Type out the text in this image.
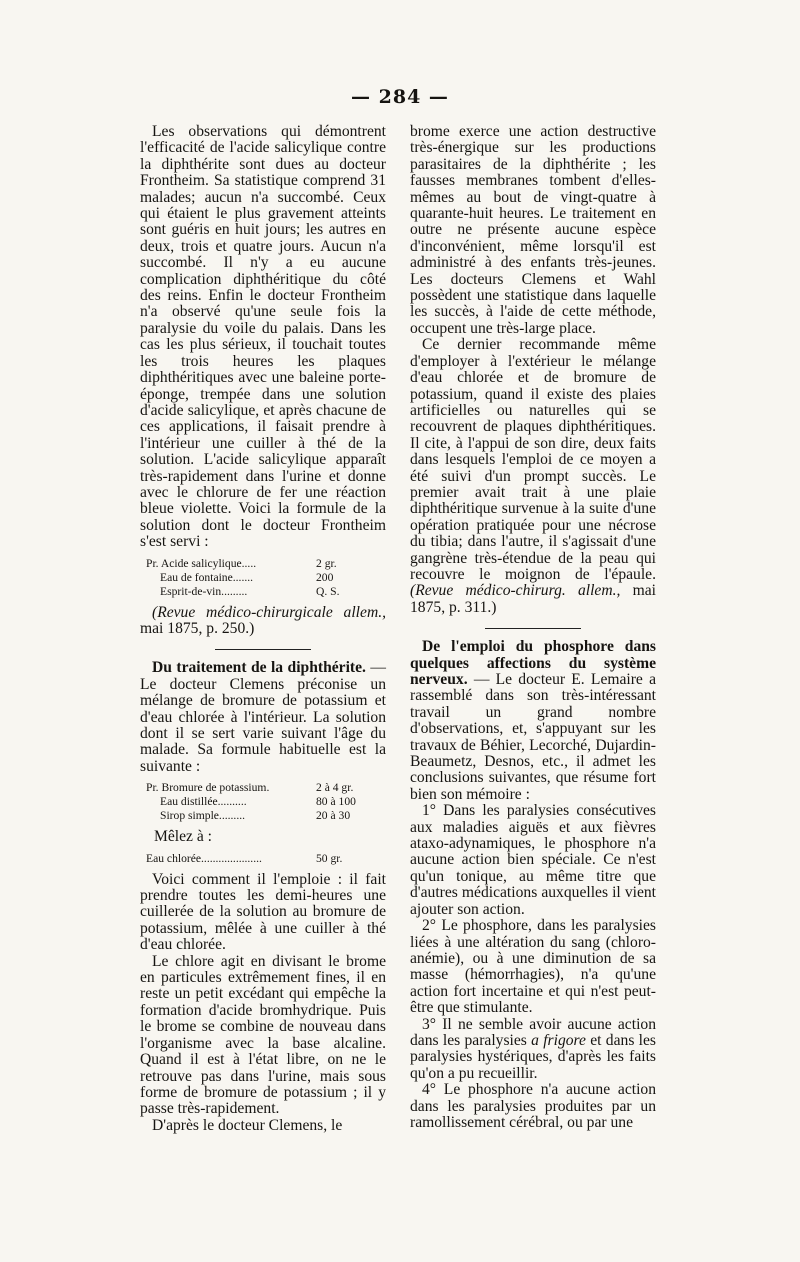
— 284 —

Les observations qui démontrent l'efficacité de l'acide salicylique contre la diphthérite sont dues au docteur Frontheim. Sa statistique comprend 31 malades; aucun n'a succombé. Ceux qui étaient le plus gravement atteints sont guéris en huit jours; les autres en deux, trois et quatre jours. Aucun n'a succombé. Il n'y a eu aucune complication diphthéritique du côté des reins. Enfin le docteur Frontheim n'a observé qu'une seule fois la paralysie du voile du palais. Dans les cas les plus sérieux, il touchait toutes les trois heures les plaques diphthéritiques avec une baleine porte-éponge, trempée dans une solution d'acide salicylique, et après chacune de ces applications, il faisait prendre à l'intérieur une cuiller à thé de la solution. L'acide salicylique apparaît très-rapidement dans l'urine et donne avec le chlorure de fer une réaction bleue violette. Voici la formule de la solution dont le docteur Frontheim s'est servi :

Pr. Acide salicylique.....	2 gr.
Eau de fontaine.......	200
Esprit-de-vin.........	Q. S.

(Revue médico-chirurgicale allem., mai 1875, p. 250.)

Du traitement de la diphthérite. — Le docteur Clemens préconise un mélange de bromure de potassium et d'eau chlorée à l'intérieur. La solution dont il se sert varie suivant l'âge du malade. Sa formule habituelle est la suivante :

Pr. Bromure de potassium.	2 à 4 gr.
Eau distillée..........	80 à 100
Sirop simple.........	20 à 30
Mêlez à :
Eau chlorée.....................	50 gr.

Voici comment il l'emploie : il fait prendre toutes les demi-heures une cuillerée de la solution au bromure de potassium, mêlée à une cuiller à thé d'eau chlorée.

Le chlore agit en divisant le brome en particules extrêmement fines, il en reste un petit excédant qui empêche la formation d'acide bromhydrique. Puis le brome se combine de nouveau dans l'organisme avec la base alcaline. Quand il est à l'état libre, on ne le retrouve pas dans l'urine, mais sous forme de bromure de potassium ; il y passe très-rapidement.

D'après le docteur Clemens, le

brome exerce une action destructive très-énergique sur les productions parasitaires de la diphthérite ; les fausses membranes tombent d'elles-mêmes au bout de vingt-quatre à quarante-huit heures. Le traitement en outre ne présente aucune espèce d'inconvénient, même lorsqu'il est administré à des enfants très-jeunes. Les docteurs Clemens et Wahl possèdent une statistique dans laquelle les succès, à l'aide de cette méthode, occupent une très-large place.

Ce dernier recommande même d'employer à l'extérieur le mélange d'eau chlorée et de bromure de potassium, quand il existe des plaies artificielles ou naturelles qui se recouvrent de plaques diphthéritiques. Il cite, à l'appui de son dire, deux faits dans lesquels l'emploi de ce moyen a été suivi d'un prompt succès. Le premier avait trait à une plaie diphthéritique survenue à la suite d'une opération pratiquée pour une nécrose du tibia; dans l'autre, il s'agissait d'une gangrène très-étendue de la peau qui recouvre le moignon de l'épaule. (Revue médico-chirurg. allem., mai 1875, p. 311.)

De l'emploi du phosphore dans quelques affections du système nerveux. — Le docteur E. Lemaire a rassemblé dans son très-intéressant travail un grand nombre d'observations, et, s'appuyant sur les travaux de Béhier, Lecorché, Dujardin-Beaumetz, Desnos, etc., il admet les conclusions suivantes, que résume fort bien son mémoire :

1° Dans les paralysies consécutives aux maladies aiguës et aux fièvres ataxo-adynamiques, le phosphore n'a aucune action bien spéciale. Ce n'est qu'un tonique, au même titre que d'autres médications auxquelles il vient ajouter son action.

2° Le phosphore, dans les paralysies liées à une altération du sang (chloro-anémie), ou à une diminution de sa masse (hémorrhagies), n'a qu'une action fort incertaine et qui n'est peut-être que stimulante.

3° Il ne semble avoir aucune action dans les paralysies a frigore et dans les paralysies hystériques, d'après les faits qu'on a pu recueillir.

4° Le phosphore n'a aucune action dans les paralysies produites par un ramollissement cérébral, ou par une
